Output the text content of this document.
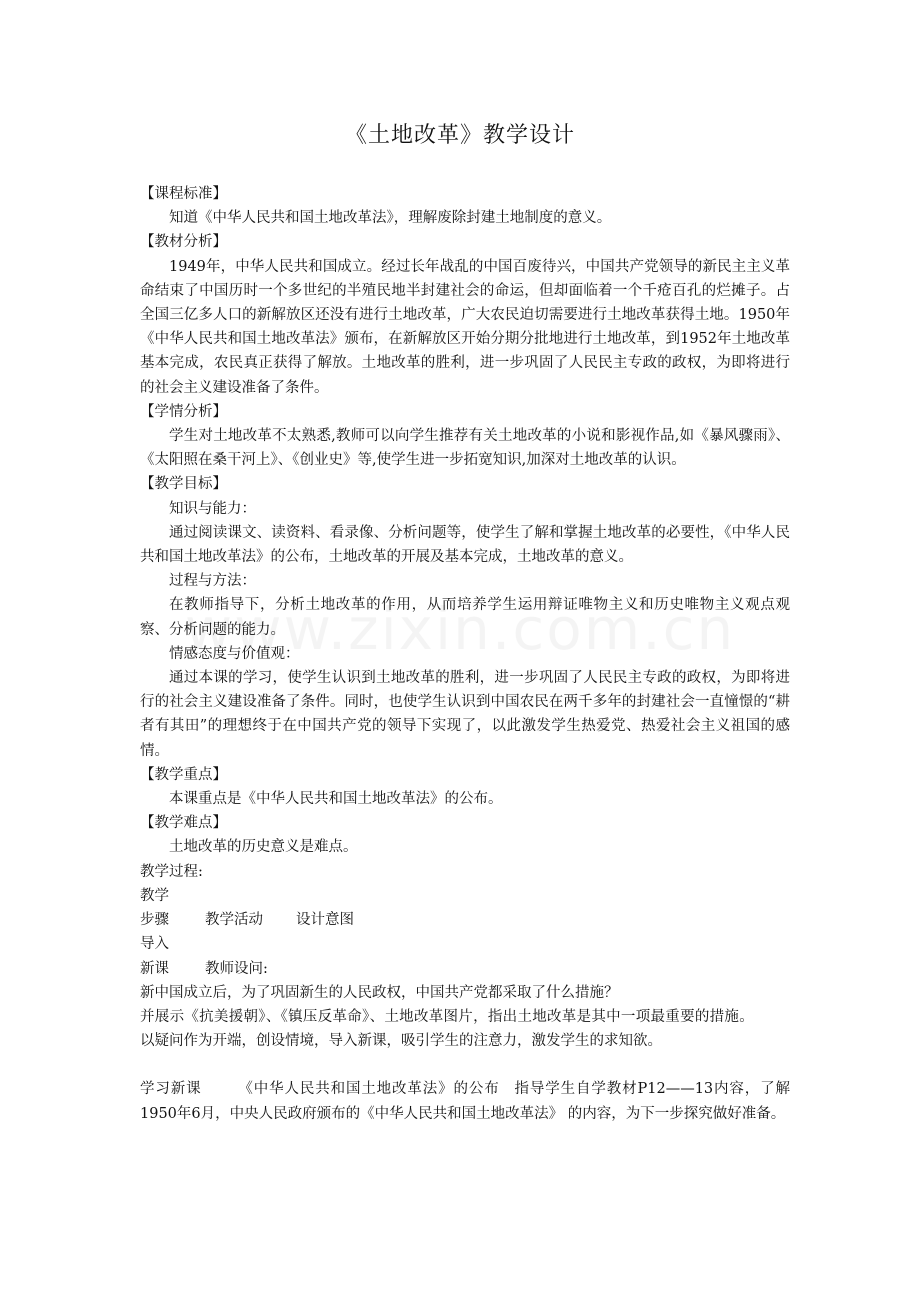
《土地改革》教学设计

【课程标准】

知道《中华人民共和国土地改革法》，理解废除封建土地制度的意义。

【教材分析】

1949年，中华人民共和国成立。经过长年战乱的中国百废待兴，中国共产党领导的新民主主义革命结束了中国历时一个多世纪的半殖民地半封建社会的命运，但却面临着一个千疮百孔的烂摊子。占全国三亿多人口的新解放区还没有进行土地改革，广大农民迫切需要进行土地改革获得土地。1950年《中华人民共和国土地改革法》颁布，在新解放区开始分期分批地进行土地改革，到1952年土地改革基本完成，农民真正获得了解放。土地改革的胜利，进一步巩固了人民民主专政的政权，为即将进行的社会主义建设准备了条件。

【学情分析】

学生对土地改革不太熟悉,教师可以向学生推荐有关土地改革的小说和影视作品,如《暴风骤雨》、《太阳照在桑干河上》、《创业史》等,使学生进一步拓宽知识,加深对土地改革的认识。

【教学目标】

知识与能力：

通过阅读课文、读资料、看录像、分析问题等，使学生了解和掌握土地改革的必要性，《中华人民共和国土地改革法》的公布，土地改革的开展及基本完成，土地改革的意义。

过程与方法：

在教师指导下，分析土地改革的作用，从而培养学生运用辩证唯物主义和历史唯物主义观点观察、分析问题的能力。

情感态度与价值观：

通过本课的学习，使学生认识到土地改革的胜利，进一步巩固了人民民主专政的政权，为即将进行的社会主义建设准备了条件。同时，也使学生认识到中国农民在两千多年的封建社会一直憧憬的“耕者有其田”的理想终于在中国共产党的领导下实现了，以此激发学生热爱党、热爱社会主义祖国的感情。

【教学重点】

本课重点是《中华人民共和国土地改革法》的公布。

【教学难点】

土地改革的历史意义是难点。

教学过程:

教学

步骤 教学活动 设计意图

导入

新课 教师设问:

新中国成立后，为了巩固新生的人民政权，中国共产党都采取了什么措施？

并展示《抗美援朝》、《镇压反革命》、土地改革图片，指出土地改革是其中一项最重要的措施。以疑问作为开端，创设情境，导入新课，吸引学生的注意力，激发学生的求知欲。

学习新课 《中华人民共和国土地改革法》的公布 指导学生自学教材P12——13内容，了解1950年6月，中央人民政府颁布的《中华人民共和国土地改革法》 的内容，为下一步探究做好准备。
